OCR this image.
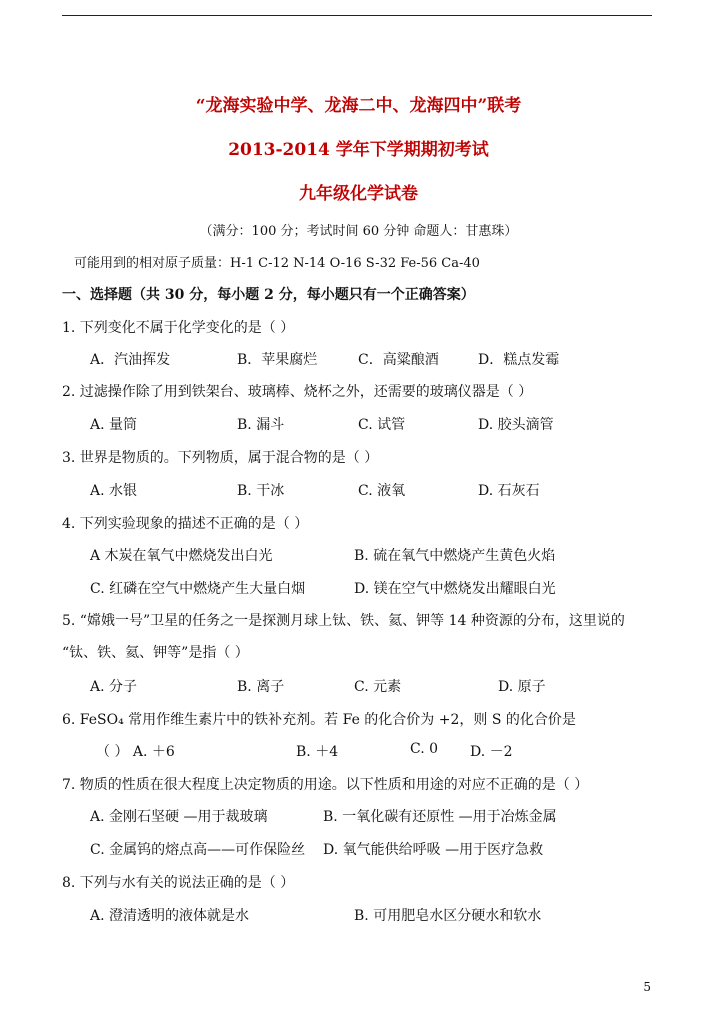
“龙海实验中学、龙海二中、龙海四中”联考
2013-2014 学年下学期期初考试
九年级化学试卷
（满分：100 分；考试时间 60 分钟 命题人：甘惠珠）
可能用到的相对原子质量：H-1 C-12 N-14 O-16 S-32 Fe-56 Ca-40
一、选择题（共 30 分，每小题 2 分，每小题只有一个正确答案）
1. 下列变化不属于化学变化的是（ ）
A．汽油挥发	B．苹果腐烂	C．高粱酿酒	D．糕点发霉
2. 过滤操作除了用到铁架台、玻璃棒、烧杯之外，还需要的玻璃仪器是（ ）
A. 量筒	B. 漏斗	C. 试管	D. 胶头滴管
3. 世界是物质的。下列物质，属于混合物的是（ ）
A. 水银	B. 干冰	C. 液氧	D. 石灰石
4. 下列实验现象的描述不正确的是（ ）
A 木炭在氧气中燃烧发出白光	B. 硫在氧气中燃烧产生黄色火焰
C. 红磷在空气中燃烧产生大量白烟	D. 镁在空气中燃烧发出耀眼白光
5. “嫦娥一号”卫星的任务之一是探测月球上钛、铁、氦、钾等 14 种资源的分布，这里说的
“钛、铁、氦、钾等”是指（ ）
A. 分子	B. 离子	C. 元素	D. 原子
6. FeSO₄ 常用作维生素片中的铁补充剂。若 Fe 的化合价为 +2，则 S 的化合价是
（ ） A. ＋6	B. ＋4	C. 0 D. －2
7. 物质的性质在很大程度上决定物质的用途。以下性质和用途的对应不正确的是（ ）
A. 金刚石坚硬 —用于裁玻璃	B. 一氧化碳有还原性 —用于冶炼金属
C. 金属钨的熔点高——可作保险丝 D. 氧气能供给呼吸 —用于医疗急救
8. 下列与水有关的说法正确的是（ ）
A. 澄清透明的液体就是水	B. 可用肥皂水区分硬水和软水
5
